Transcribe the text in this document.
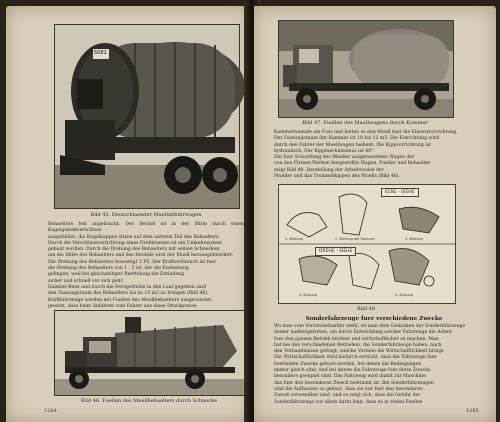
5081
Bild 45. Deutschlaender Muellabfuhrwagen

Behaelters fest angebracht. Der Deckel ist in der Mitte durch einen Kugelgelenkverschluss

ausgebildet; die Kugelkappen sitzen auf dem unteren Teil des Behaelters.

Durch die Verschlussvorrichtung eines Drehkranzes ist ein Umkehrsystem

gebaut worden. Durch die Drehung des Behaelters mit seinen Schnecken

um die Mitte des Behaelters und des Deckels wird der Muell herausgefoerdert.

Die Drehung des Behaelters benoetigt 3 PS. Der Kraftverbrauch ist fuer

die Drehung des Behaelters von 1 : 5 ist, der die Entleerung

gelingen, weil bei gleichzeitiger Ruettelung die Entladung

sicher und schnell vor sich geht.

Daimler-Benz und durch die Ferngetriebe in den Lauf gegeben sind

den Fassungsraum des Behaelters bis zu 10 m3 zu bringen (Bild 46).

Kraftfahrzeuge werden mit Fuellen des Muellbehaelters ausgeruestet;

gesetzt, dass beim Anfahren vom Fahrer aus diese Druckpresse

Bild 46. Fuellen des Muellbehaelters durch Schnecke
1284
Bild 47. Fuellen des Muellwagens durch Kammer

Kammerwaende am Fuss und bieten so den Muell fuer die Einsetzvorrichtung.

Der Fassungsraum der Kammer ist 10 bis 12 m3. Die Einrichtung wird

durch den Fahrer der Muellwagen bedient. Die Kippvorrichtung ist

hydraulisch. Der Kippmechanismus ist 60°.

Die fuer Schuettung des Mueller ausgeruesteten Wagen der

von den Firmen-Werken hergestellte Wagen, Fueller und Behaelter

zeigt Bild 48. Darstellung der Arbeitsweise der

Mueller und das Trommelkippen des Muells (Bild 48).

ECKE - SIEHE
DREHE - SIEHE
1. Stellung	2. Stellung der Trommel	3. Stellung
4. Stellung	5. Stellung
Bild 48
Sonderfahrzeuge fuer verschiedene Zwecke

Wo man vom Vorratsbehaelter steht, ist man dem Gedanken der Sonderfahrzeuge

immer naehergetreten, um durch Entwicklung solcher Fahrzeuge die Arbeit

fuer den ganzen Betrieb leichter und wirtschaftlicher zu machen. Man

hat bei den verschiedenen Betrieben, die Sonderfahrzeuge haben, nach

den Verhaeltnissen gefragt, welche Vorteile die Wirtschaftlichkeit bringt.

Die Wirtschaftlichkeit wird dadurch erreicht, dass die Fahrzeuge fuer

bestimmte Zwecke gebaut werden, bei denen die Bedingungen

immer gleich sind, und bei denen die Fahrzeuge fuer diese Zwecke

besonders geeignet sind. Das Fahrzeug wird damit zur Maschine,

das fuer den besonderen Zweck bestimmt ist. Bei Sonderfahrzeugen

sind die Aufbauten so gebaut, dass sie nur fuer den besonderen

Zweck verwendbar sind, und es zeigt sich, dass die Gefahr der

Sonderfahrzeuge vor allem darin liegt, dass es in vielen Faellen

1285
